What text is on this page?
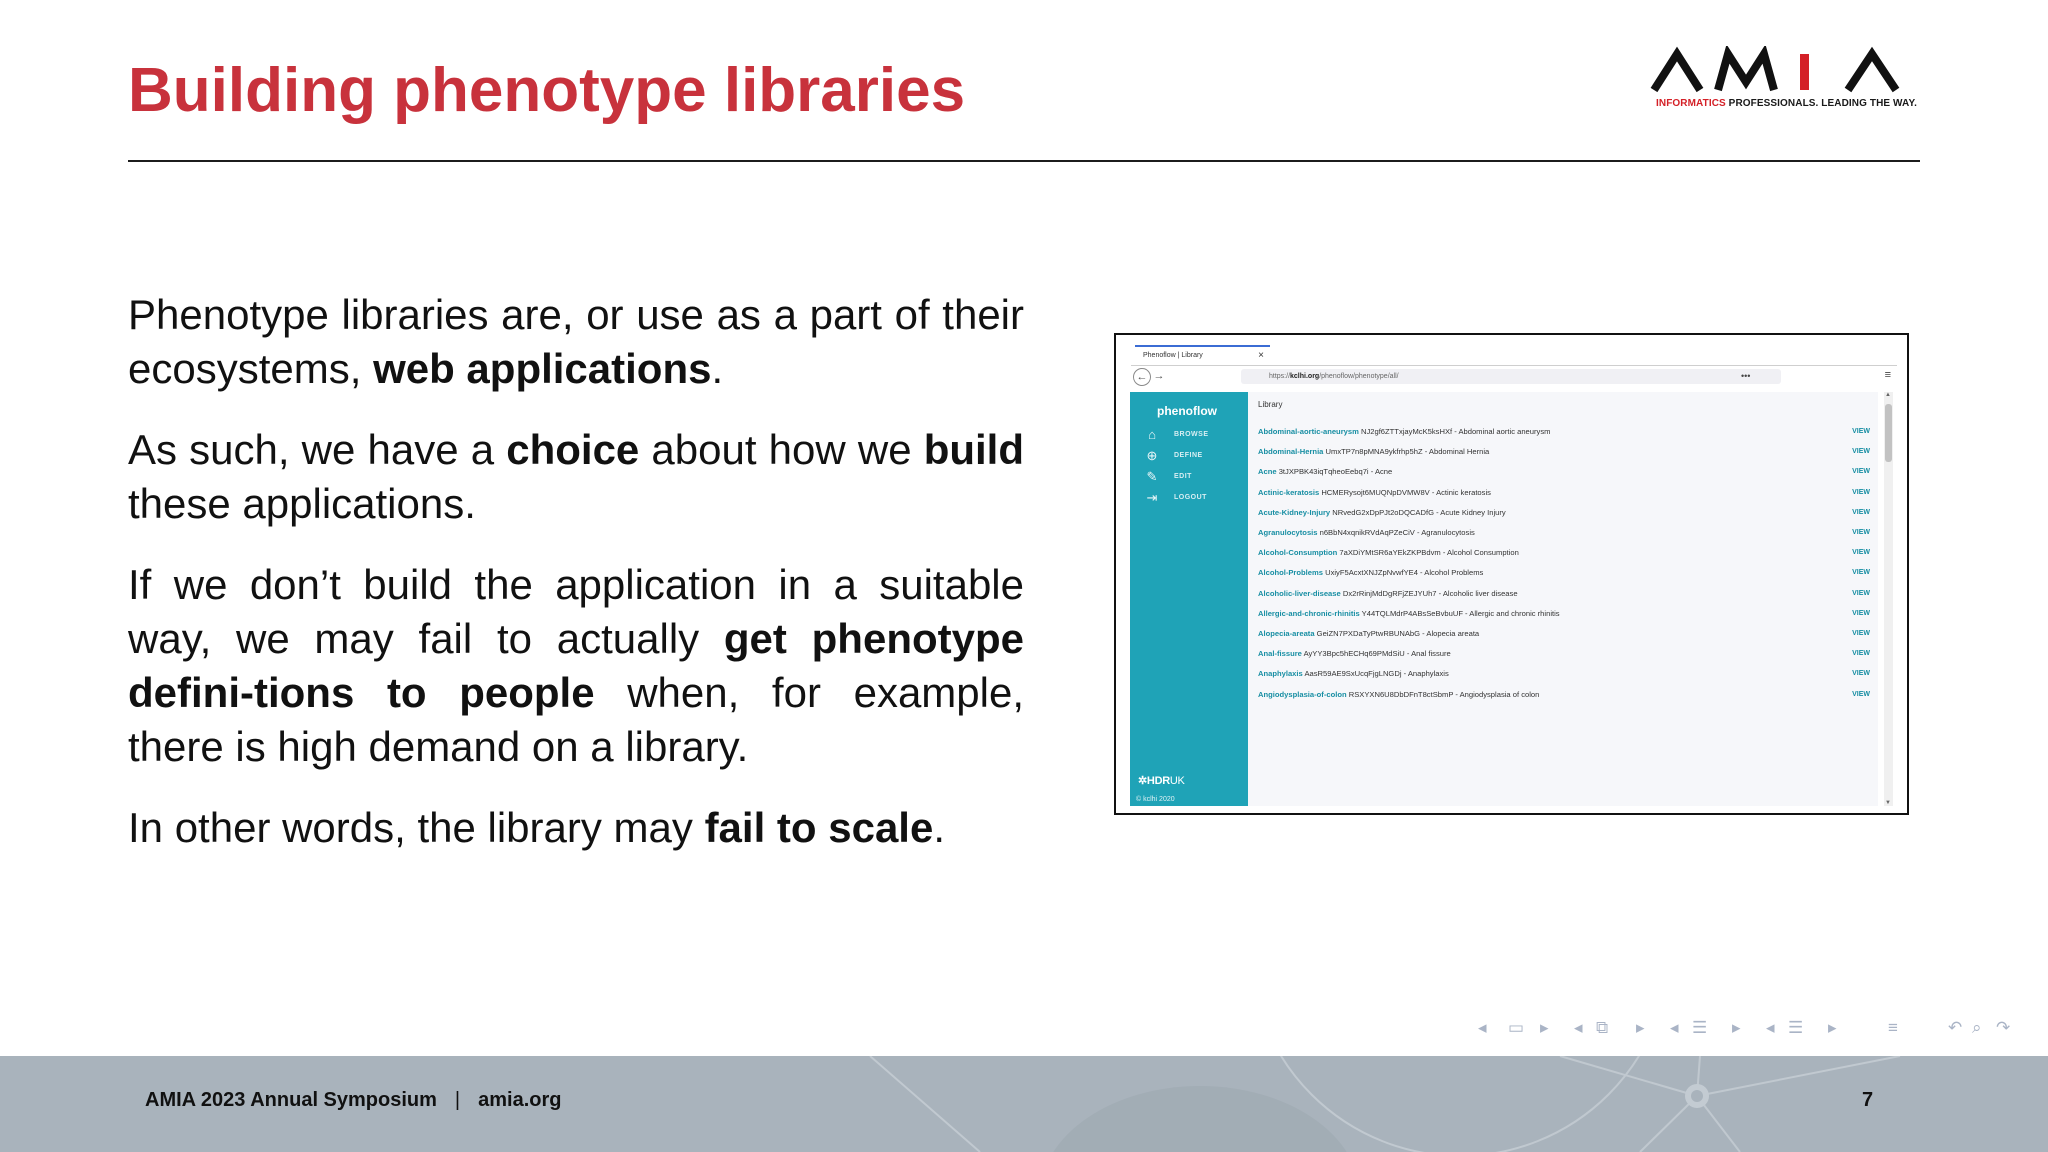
Building phenotype libraries	INFORMATICS PROFESSIONALS. LEADING THE WAY.

Phenotype libraries are, or use as a part of their ecosystems, web applications.

As such, we have a choice about how we build these applications.

If we don’t build the application in a suitable way, we may fail to actually get phenotype defini-tions to people when, for example, there is high demand on a library.

In other words, the library may fail to scale.

Phenoflow | Library	×
← →	https://kclhi.org/phenoflow/phenotype/all/	•••	≡
phenoflow
⌂	BROWSE
⊕	DEFINE
✎	EDIT
⇥	LOGOUT
✲HDRUK
© kclhi 2020
Library
Abdominal-aortic-aneurysm NJ2gf6ZTTxjayMcK5ksHXf - Abdominal aortic aneurysm	VIEW
Abdominal-Hernia UmxTP7n8pMNA9ykfrhp5hZ - Abdominal Hernia	VIEW
Acne 3tJXPBK43iqTqheoEebq7i - Acne	VIEW
Actinic-keratosis HCMERysojt6MUQNpDVMW8V - Actinic keratosis	VIEW
Acute-Kidney-Injury NRvedG2xDpPJt2oDQCADfG - Acute Kidney Injury	VIEW
Agranulocytosis n6BbN4xqnikRVdAqPZeCiV - Agranulocytosis	VIEW
Alcohol-Consumption 7aXDiYMtSR6aYEkZKPBdvm - Alcohol Consumption	VIEW
Alcohol-Problems UxiyF5AcxtXNJZpNvwfYE4 - Alcohol Problems	VIEW
Alcoholic-liver-disease Dx2rRinjMdDgRFjZEJYUh7 - Alcoholic liver disease	VIEW
Allergic-and-chronic-rhinitis Y44TQLMdrP4ABsSeBvbuUF - Allergic and chronic rhinitis	VIEW
Alopecia-areata GeiZN7PXDaTyPtwRBUNAbG - Alopecia areata	VIEW
Anal-fissure AyYY3Bpc5hECHq69PMdSiU - Anal fissure	VIEW
Anaphylaxis AasR59AE9SxUcqFjgLNGDj - Anaphylaxis	VIEW
Angiodysplasia-of-colon RSXYXN6U8DbDFnT8ctSbmP - Angiodysplasia of colon	VIEW
▲
▼
◂ ▭ ▸ ◂ ⧉ ▸ ◂ ☰ ▸ ◂ ☰ ▸	≡	↶ ⌕ ↷
AMIA 2023 Annual Symposium | amia.org	7
